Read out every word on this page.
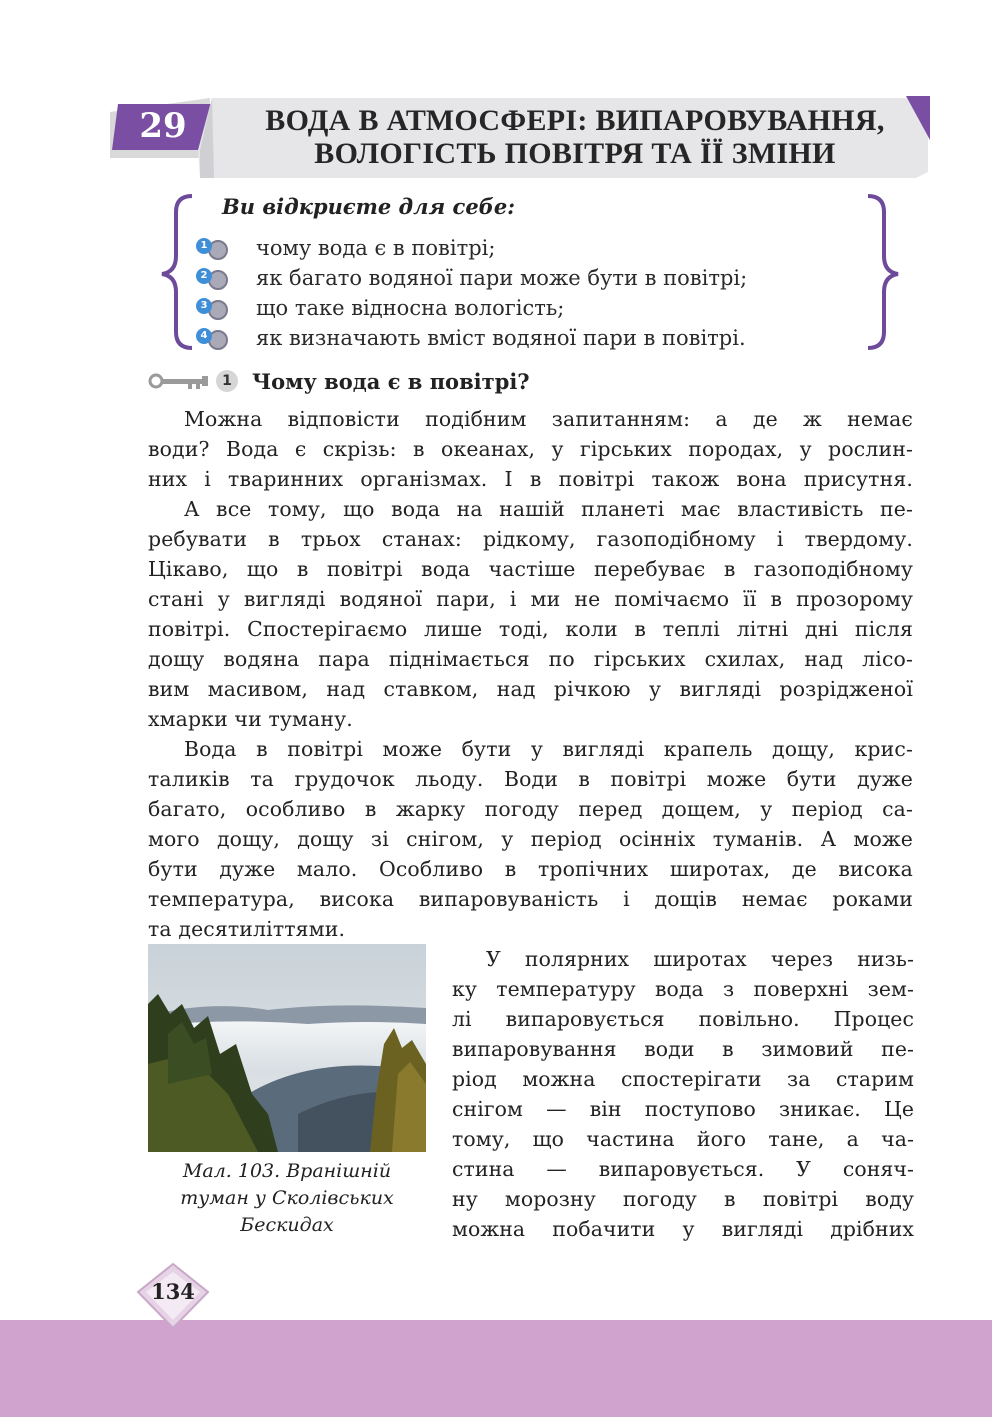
29	ВОДА В АТМОСФЕРІ: ВИПАРОВУВАННЯ,
ВОЛОГІСТЬ ПОВІТРЯ ТА ЇЇ ЗМІНИ
Ви відкриєте для себе:
1 чому вода є в повітрі;
2 як багато водяної пари може бути в повітрі;
3 що таке відносна вологість;
4 як визначають вміст водяної пари в повітрі.
1 Чому вода є в повітрі?

Можна відповісти подібним запитанням: а де ж немає
води? Вода є скрізь: в океанах, у гірських породах, у рослин-
них і тваринних організмах. І в повітрі також вона присутня.

А все тому, що вода на нашій планеті має властивість пе-
ребувати в трьох станах: рідкому, газоподібному і твердому.
Цікаво, що в повітрі вода частіше перебуває в газоподібному
стані у вигляді водяної пари, і ми не помічаємо її в прозорому
повітрі. Спостерігаємо лише тоді, коли в теплі літні дні після
дощу водяна пара піднімається по гірських схилах, над лісо-
вим масивом, над ставком, над річкою у вигляді розрідженої
хмарки чи туману.

Вода в повітрі може бути у вигляді крапель дощу, крис-
таликів та грудочок льоду. Води в повітрі може бути дуже
багато, особливо в жарку погоду перед дощем, у період са-
мого дощу, дощу зі снігом, у період осінніх туманів. А може
бути дуже мало. Особливо в тропічних широтах, де висока
температура, висока випаровуваність і дощів немає роками
та десятиліттями.

Мал. 103. Вранішній
туман у Сколівських
Бескидах

У полярних широтах через низь-
ку температуру вода з поверхні зем-
лі випаровується повільно. Процес
випаровування води в зимовий пе-
ріод можна спостерігати за старим
снігом — він поступово зникає. Це
тому, що частина його тане, а ча-
стина — випаровується. У соняч-
ну морозну погоду в повітрі воду
можна побачити у вигляді дрібних

134
